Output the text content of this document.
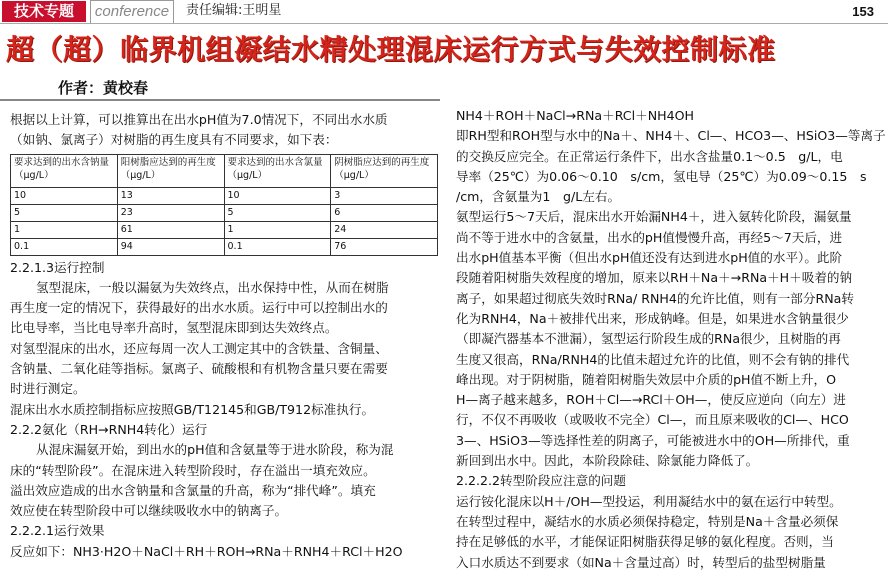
技术专题	conference	责任编辑:王明星	153
超（超）临界机组凝结水精处理混床运行方式与失效控制标准
作者：黄校春

根据以上计算，可以推算出在出水pH值为7.0情况下，不同出水水质

（如钠、氯离子）对树脂的再生度具有不同要求，如下表：

要求达到的出水含钠量（μg/L）	阳树脂应达到的再生度（μg/L）	要求达到的出水含氯量（μg/L）	阴树脂应达到的再生度（μg/L）
10	13	10	3
5	23	5	6
1	61	1	24
0.1	94	0.1	76

2.2.1.3运行控制

氢型混床，一般以漏氨为失效终点，出水保持中性，从而在树脂

再生度一定的情况下，获得最好的出水水质。运行中可以控制出水的

比电导率，当比电导率升高时，氢型混床即到达失效终点。

对氢型混床的出水，还应每周一次人工测定其中的含铁量、含铜量、

含钠量、二氧化硅等指标。氯离子、硫酸根和有机物含量只要在需要

时进行测定。

混床出水水质控制指标应按照GB/T12145和GB/T912标准执行。

2.2.2氨化（RH→RNH4转化）运行

从混床漏氨开始，到出水的pH值和含氨量等于进水阶段，称为混

床的“转型阶段”。在混床进入转型阶段时，存在溢出一填充效应。

溢出效应造成的出水含钠量和含氯量的升高，称为“排代峰”。填充

效应使在转型阶段中可以继续吸收水中的钠离子。

2.2.2.1运行效果

反应如下：NH3·H2O＋NaCl＋RH＋ROH→RNa＋RNH4＋RCl＋H2O

NH4＋ROH＋NaCl→RNa＋RCl＋NH4OH

即RH型和ROH型与水中的Na＋、NH4＋、Cl—、HCO3—、HSiO3—等离子

的交换反应完全。在正常运行条件下，出水含盐量0.1～0.5　g/L，电

导率（25℃）为0.06～0.10　s/cm，氢电导（25℃）为0.09～0.15　s

/cm，含氨量为1　g/L左右。

氨型运行5～7天后，混床出水开始漏NH4＋，进入氨转化阶段，漏氨量

尚不等于进水中的含氨量，出水的pH值慢慢升高，再经5～7天后，进

出水pH值基本平衡（但出水pH值还没有达到进水pH值的水平）。此阶

段随着阳树脂失效程度的增加，原来以RH＋Na＋→RNa＋H＋吸着的钠

离子，如果超过彻底失效时RNa/ RNH4的允许比值，则有一部分RNa转

化为RNH4，Na＋被排代出来，形成钠峰。但是，如果进水含钠量很少

（即凝汽器基本不泄漏），氢型运行阶段生成的RNa很少，且树脂的再

生度又很高，RNa/RNH4的比值未超过允许的比值，则不会有钠的排代

峰出现。对于阴树脂，随着阳树脂失效层中介质的pH值不断上升，O

H—离子越来越多，ROH＋Cl—→RCl＋OH—，使反应逆向（向左）进

行，不仅不再吸收（或吸收不完全）Cl—，而且原来吸收的Cl—、HCO

3—、HSiO3—等选择性差的阴离子，可能被进水中的OH—所排代，重

新回到出水中。因此，本阶段除硅、除氯能力降低了。

2.2.2.2转型阶段应注意的问题

运行铵化混床以H＋/OH—型投运，利用凝结水中的氨在运行中转型。

在转型过程中，凝结水的水质必须保持稳定，特别是Na＋含量必须保

持在足够低的水平，才能保证阳树脂获得足够的氨化程度。否则，当

入口水质达不到要求（如Na＋含量过高）时，转型后的盐型树脂量
